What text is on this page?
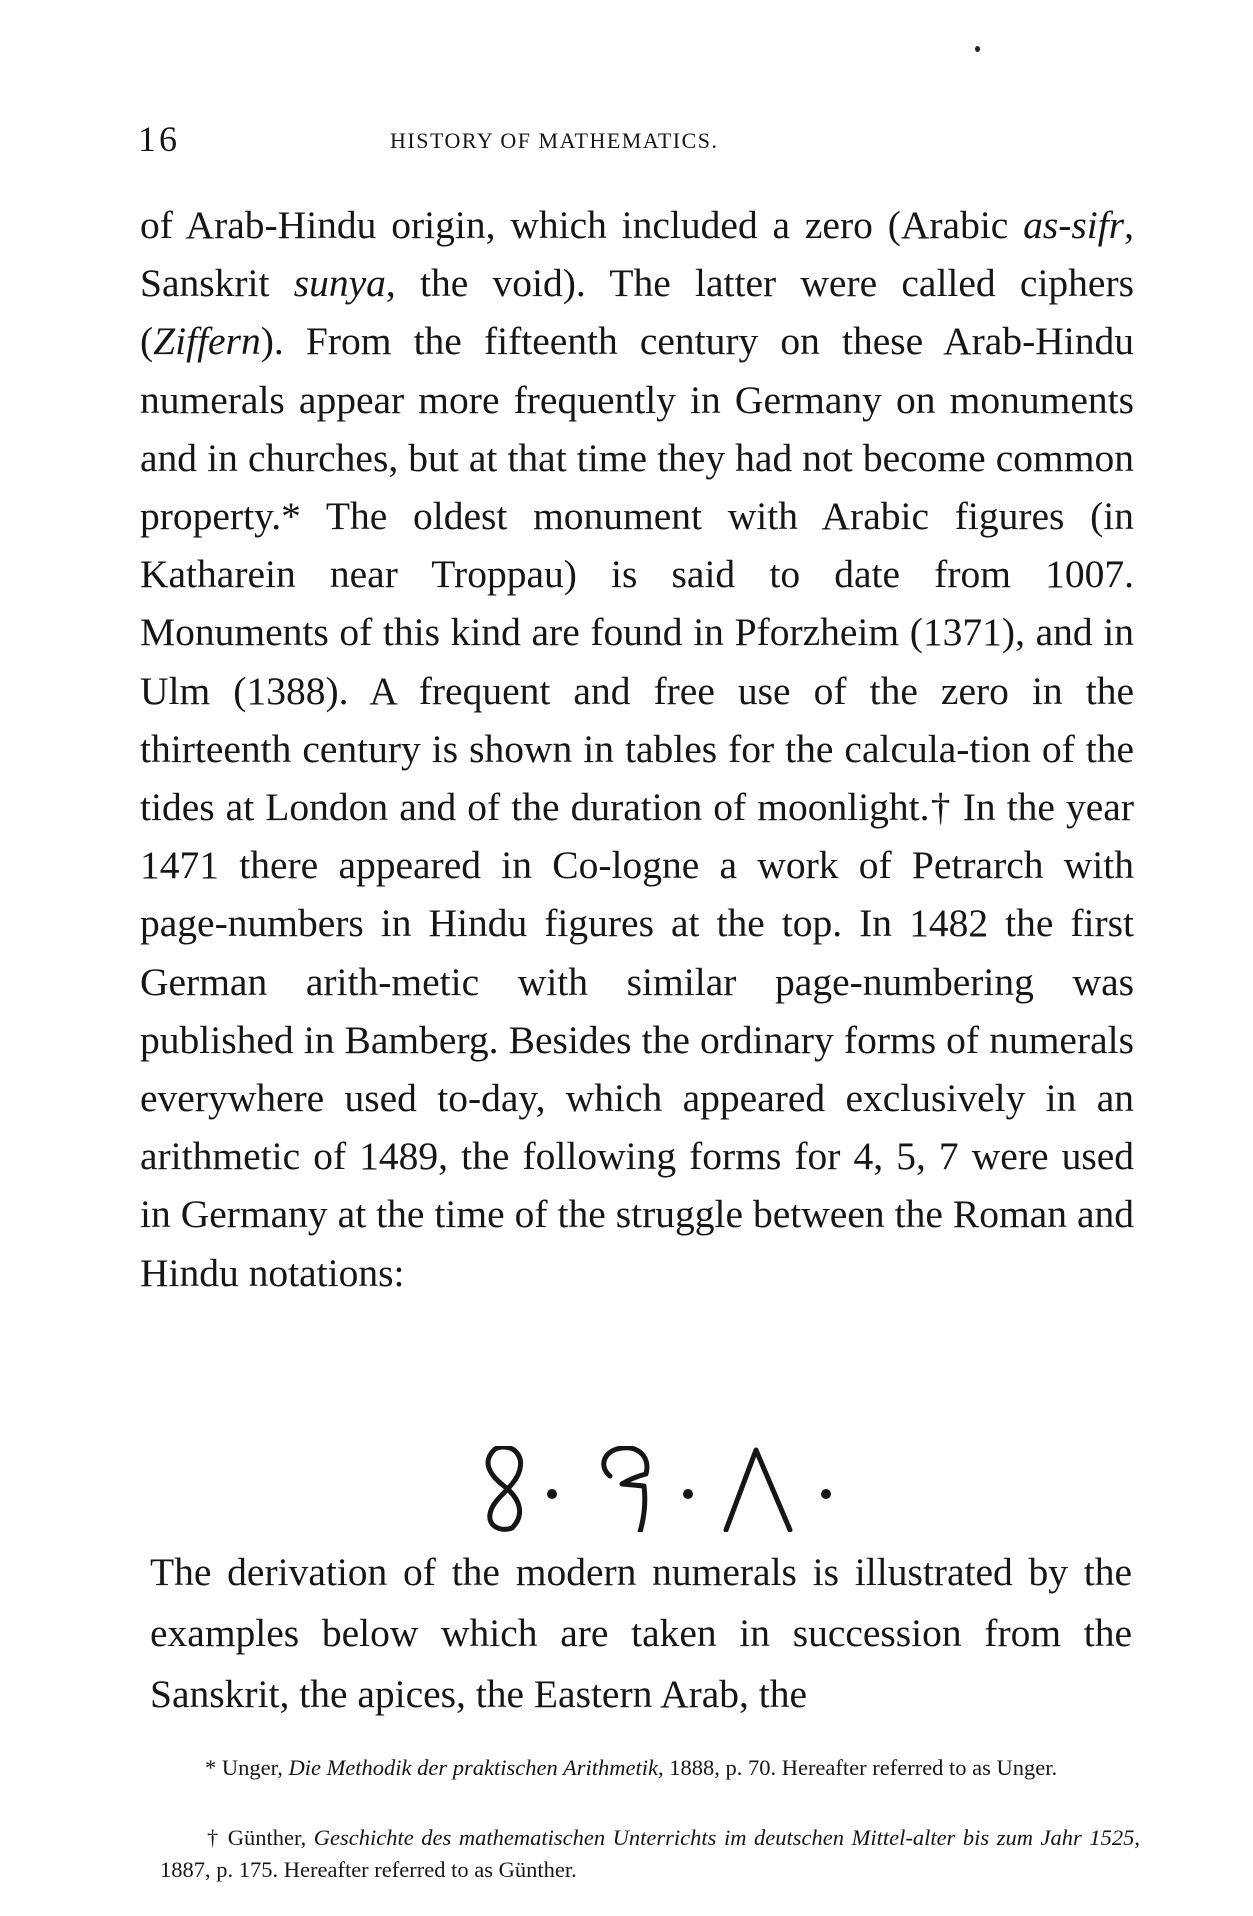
16	HISTORY OF MATHEMATICS.

of Arab-Hindu origin, which included a zero (Arabic as-sifr, Sanskrit sunya, the void). The latter were called ciphers (Ziffern). From the fifteenth century on these Arab-Hindu numerals appear more frequently in Germany on monuments and in churches, but at that time they had not become common property.* The oldest monument with Arabic figures (in Katharein near Troppau) is said to date from 1007. Monuments of this kind are found in Pforzheim (1371), and in Ulm (1388). A frequent and free use of the zero in the thirteenth century is shown in tables for the calcula-tion of the tides at London and of the duration of moonlight.† In the year 1471 there appeared in Co-logne a work of Petrarch with page-numbers in Hindu figures at the top. In 1482 the first German arith-metic with similar page-numbering was published in Bamberg. Besides the ordinary forms of numerals everywhere used to-day, which appeared exclusively in an arithmetic of 1489, the following forms for 4, 5, 7 were used in Germany at the time of the struggle between the Roman and Hindu notations:

The derivation of the modern numerals is illustrated by the examples below which are taken in succession from the Sanskrit, the apices, the Eastern Arab, the

* Unger, Die Methodik der praktischen Arithmetik, 1888, p. 70. Hereafter referred to as Unger.

† Günther, Geschichte des mathematischen Unterrichts im deutschen Mittel-alter bis zum Jahr 1525, 1887, p. 175. Hereafter referred to as Günther.
